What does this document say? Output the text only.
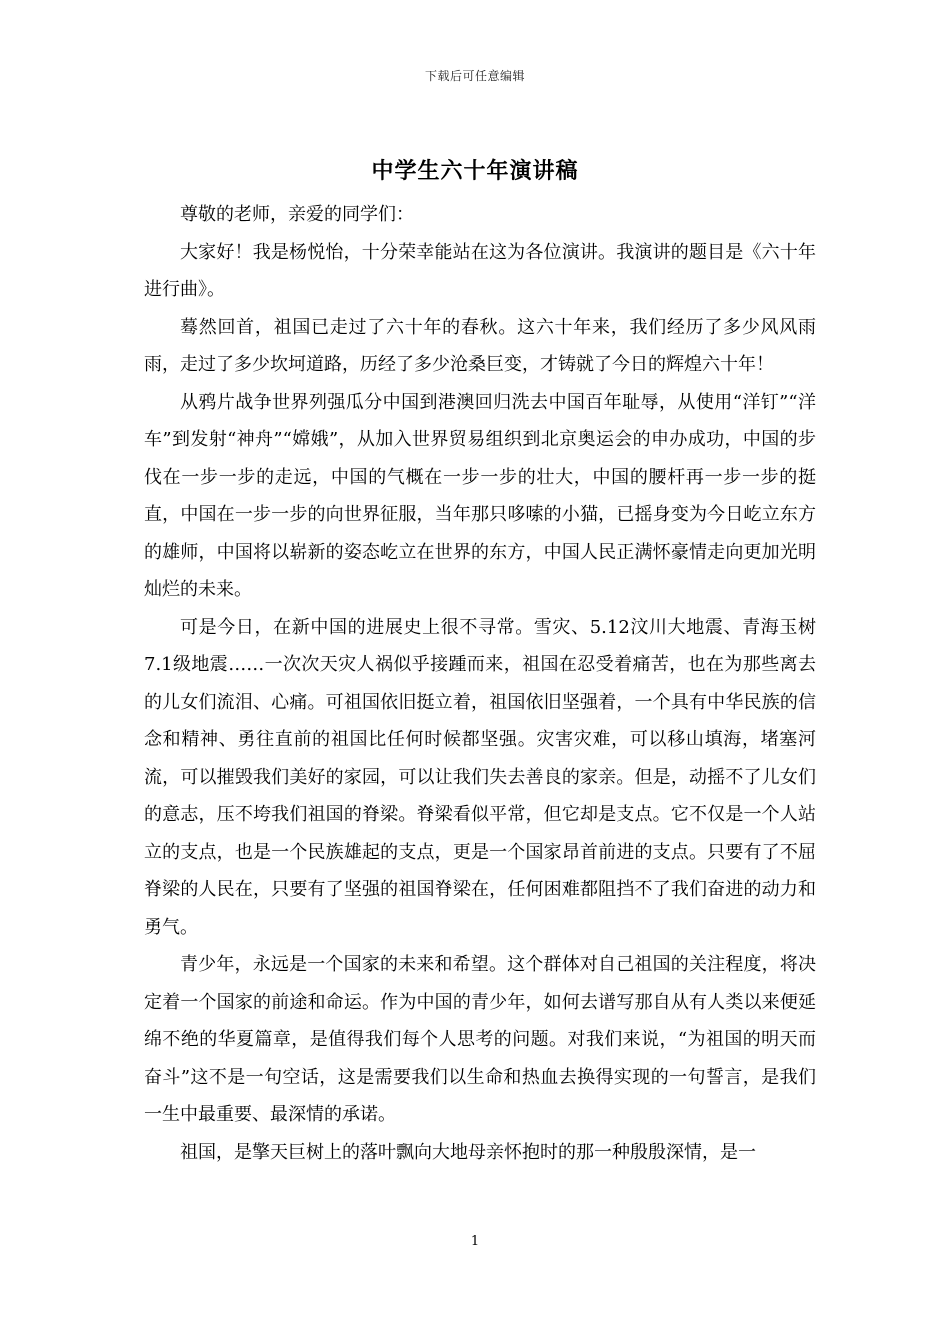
下载后可任意编辑
中学生六十年演讲稿

尊敬的老师，亲爱的同学们：

大家好！我是杨悦怡，十分荣幸能站在这为各位演讲。我演讲的题目是《六十年进行曲》。

蓦然回首，祖国已走过了六十年的春秋。这六十年来，我们经历了多少风风雨雨，走过了多少坎坷道路，历经了多少沧桑巨变，才铸就了今日的辉煌六十年！

从鸦片战争世界列强瓜分中国到港澳回归洗去中国百年耻辱，从使用“洋钉”“洋车”到发射“神舟”“嫦娥”，从加入世界贸易组织到北京奥运会的申办成功，中国的步伐在一步一步的走远，中国的气概在一步一步的壮大，中国的腰杆再一步一步的挺直，中国在一步一步的向世界征服，当年那只哆嗦的小猫，已摇身变为今日屹立东方的雄师，中国将以崭新的姿态屹立在世界的东方，中国人民正满怀豪情走向更加光明灿烂的未来。

可是今日，在新中国的进展史上很不寻常。雪灾、5.12汶川大地震、青海玉树7.1级地震……一次次天灾人祸似乎接踵而来，祖国在忍受着痛苦，也在为那些离去的儿女们流泪、心痛。可祖国依旧挺立着，祖国依旧坚强着，一个具有中华民族的信念和精神、勇往直前的祖国比任何时候都坚强。灾害灾难，可以移山填海，堵塞河流，可以摧毁我们美好的家园，可以让我们失去善良的家亲。但是，动摇不了儿女们的意志，压不垮我们祖国的脊梁。脊梁看似平常，但它却是支点。它不仅是一个人站立的支点，也是一个民族雄起的支点，更是一个国家昂首前进的支点。只要有了不屈脊梁的人民在，只要有了坚强的祖国脊梁在，任何困难都阻挡不了我们奋进的动力和勇气。

青少年，永远是一个国家的未来和希望。这个群体对自己祖国的关注程度，将决定着一个国家的前途和命运。作为中国的青少年，如何去谱写那自从有人类以来便延绵不绝的华夏篇章，是值得我们每个人思考的问题。对我们来说，“为祖国的明天而奋斗”这不是一句空话，这是需要我们以生命和热血去换得实现的一句誓言，是我们一生中最重要、最深情的承诺。

祖国，是擎天巨树上的落叶飘向大地母亲怀抱时的那一种殷殷深情，是一

1
